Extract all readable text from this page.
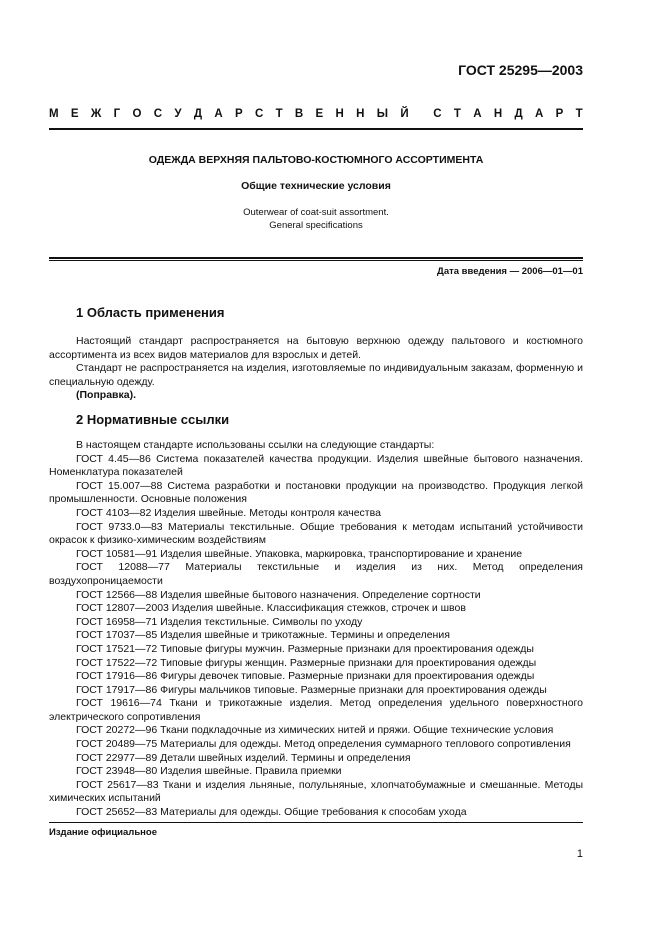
ГОСТ 25295—2003
М Е Ж Г О С У Д А Р С Т В Е Н Н Ы Й С Т А Н Д А Р Т
ОДЕЖДА ВЕРХНЯЯ ПАЛЬТОВО-КОСТЮМНОГО АССОРТИМЕНТА
Общие технические условия
Outerwear of coat-suit assortment.
General specifications
Дата введения — 2006—01—01
1 Область применения

Настоящий стандарт распространяется на бытовую верхнюю одежду пальтового и костюмного ассортимента из всех видов материалов для взрослых и детей.

Стандарт не распространяется на изделия, изготовляемые по индивидуальным заказам, форменную и специальную одежду.

(Поправка).

2 Нормативные ссылки

В настоящем стандарте использованы ссылки на следующие стандарты:

ГОСТ 4.45—86 Система показателей качества продукции. Изделия швейные бытового назначения. Номенклатура показателей

ГОСТ 15.007—88 Система разработки и постановки продукции на производство. Продукция легкой промышленности. Основные положения

ГОСТ 4103—82 Изделия швейные. Методы контроля качества

ГОСТ 9733.0—83 Материалы текстильные. Общие требования к методам испытаний устойчивости окрасок к физико-химическим воздействиям

ГОСТ 10581—91 Изделия швейные. Упаковка, маркировка, транспортирование и хранение

ГОСТ 12088—77 Материалы текстильные и изделия из них. Метод определения воздухопроницаемости

ГОСТ 12566—88 Изделия швейные бытового назначения. Определение сортности

ГОСТ 12807—2003 Изделия швейные. Классификация стежков, строчек и швов

ГОСТ 16958—71 Изделия текстильные. Символы по уходу

ГОСТ 17037—85 Изделия швейные и трикотажные. Термины и определения

ГОСТ 17521—72 Типовые фигуры мужчин. Размерные признаки для проектирования одежды

ГОСТ 17522—72 Типовые фигуры женщин. Размерные признаки для проектирования одежды

ГОСТ 17916—86 Фигуры девочек типовые. Размерные признаки для проектирования одежды

ГОСТ 17917—86 Фигуры мальчиков типовые. Размерные признаки для проектирования одежды

ГОСТ 19616—74 Ткани и трикотажные изделия. Метод определения удельного поверхностного электрического сопротивления

ГОСТ 20272—96 Ткани подкладочные из химических нитей и пряжи. Общие технические условия

ГОСТ 20489—75 Материалы для одежды. Метод определения суммарного теплового сопротивления

ГОСТ 22977—89 Детали швейных изделий. Термины и определения

ГОСТ 23948—80 Изделия швейные. Правила приемки

ГОСТ 25617—83 Ткани и изделия льняные, полульняные, хлопчатобумажные и смешанные. Методы химических испытаний

ГОСТ 25652—83 Материалы для одежды. Общие требования к способам ухода

Издание официальное
1
